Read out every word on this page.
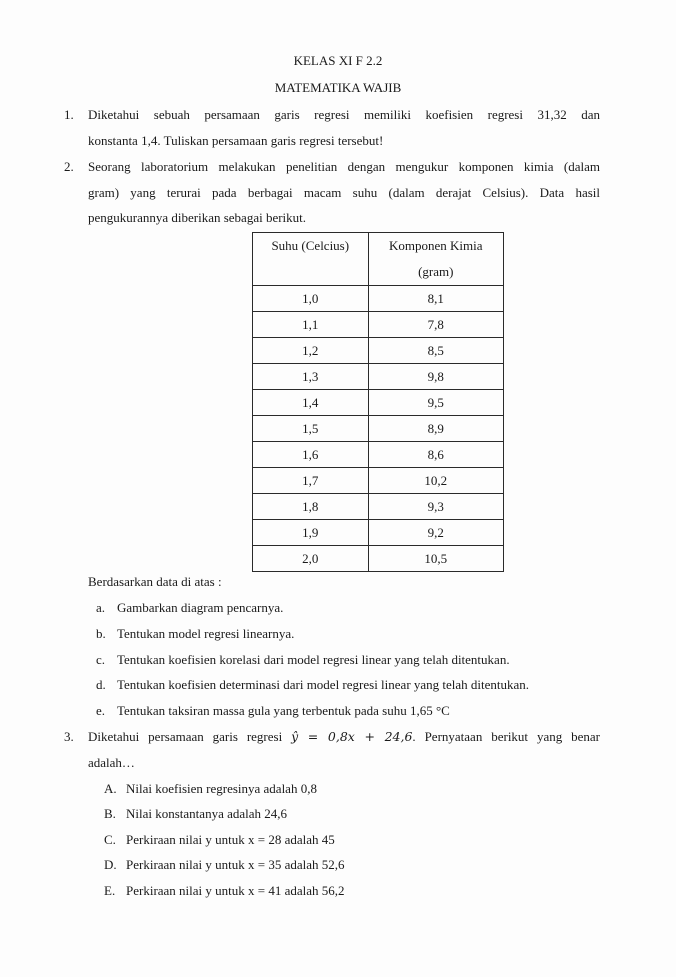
KELAS XI F 2.2
MATEMATIKA WAJIB
1. Diketahui sebuah persamaan garis regresi memiliki koefisien regresi 31,32 dan
konstanta 1,4. Tuliskan persamaan garis regresi tersebut!
2. Seorang laboratorium melakukan penelitian dengan mengukur komponen kimia (dalam
gram) yang terurai pada berbagai macam suhu (dalam derajat Celsius). Data hasil
pengukurannya diberikan sebagai berikut.
Suhu (Celcius)	Komponen Kimia
(gram)

1,0	8,1
1,1	7,8
1,2	8,5
1,3	9,8
1,4	9,5
1,5	8,9
1,6	8,6
1,7	10,2
1,8	9,3
1,9	9,2
2,0	10,5
Berdasarkan data di atas :
a. Gambarkan diagram pencarnya.
b. Tentukan model regresi linearnya.
c. Tentukan koefisien korelasi dari model regresi linear yang telah ditentukan.
d. Tentukan koefisien determinasi dari model regresi linear yang telah ditentukan.
e. Tentukan taksiran massa gula yang terbentuk pada suhu 1,65 °C
3. Diketahui persamaan garis regresi ŷ = 0,8x + 24,6. Pernyataan berikut yang benar
adalah…
A. Nilai koefisien regresinya adalah 0,8
B. Nilai konstantanya adalah 24,6
C. Perkiraan nilai y untuk x = 28 adalah 45
D. Perkiraan nilai y untuk x = 35 adalah 52,6
E. Perkiraan nilai y untuk x = 41 adalah 56,2
